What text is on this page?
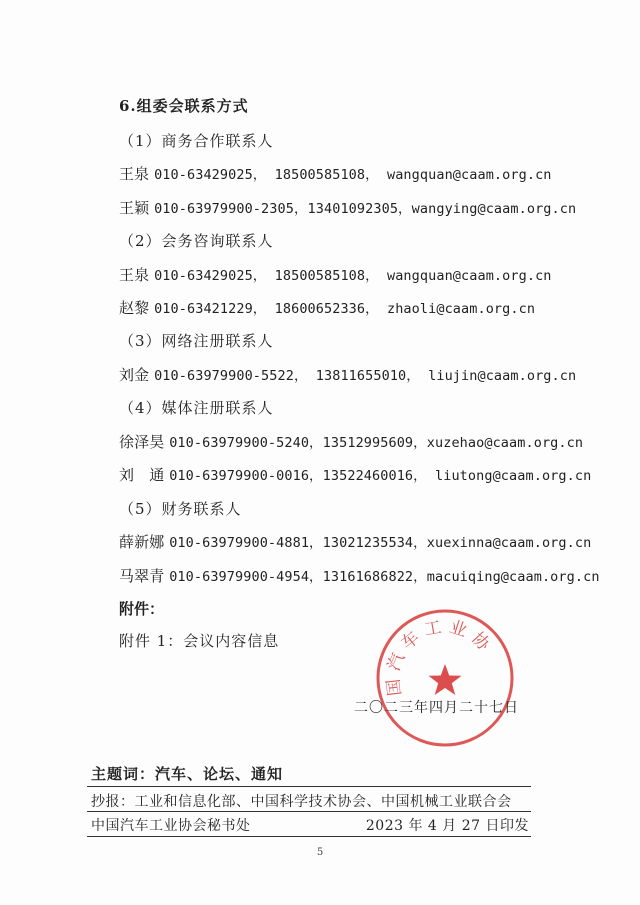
6.组委会联系方式
（1）商务合作联系人
王泉 010-63429025， 18500585108， wangquan@caam.org.cn
王颖 010-63979900-2305，13401092305，wangying@caam.org.cn
（2）会务咨询联系人
王泉 010-63429025， 18500585108， wangquan@caam.org.cn
赵黎 010-63421229， 18600652336， zhaoli@caam.org.cn
（3）网络注册联系人
刘金 010-63979900-5522， 13811655010， liujin@caam.org.cn
（4）媒体注册联系人
徐泽昊 010-63979900-5240，13512995609，xuzehao@caam.org.cn
刘　通 010-63979900-0016，13522460016， liutong@caam.org.cn
（5）财务联系人
薛新娜 010-63979900-4881，13021235534，xuexinna@caam.org.cn
马翠青 010-63979900-4954，13161686822，macuiqing@caam.org.cn
附件：
附件 1：会议内容信息
国汽车工业协
二〇二三年四月二十七日
主题词：汽车、论坛、通知
抄报：工业和信息化部、中国科学技术协会、中国机械工业联合会
中国汽车工业协会秘书处	2023 年 4 月 27 日印发
5
